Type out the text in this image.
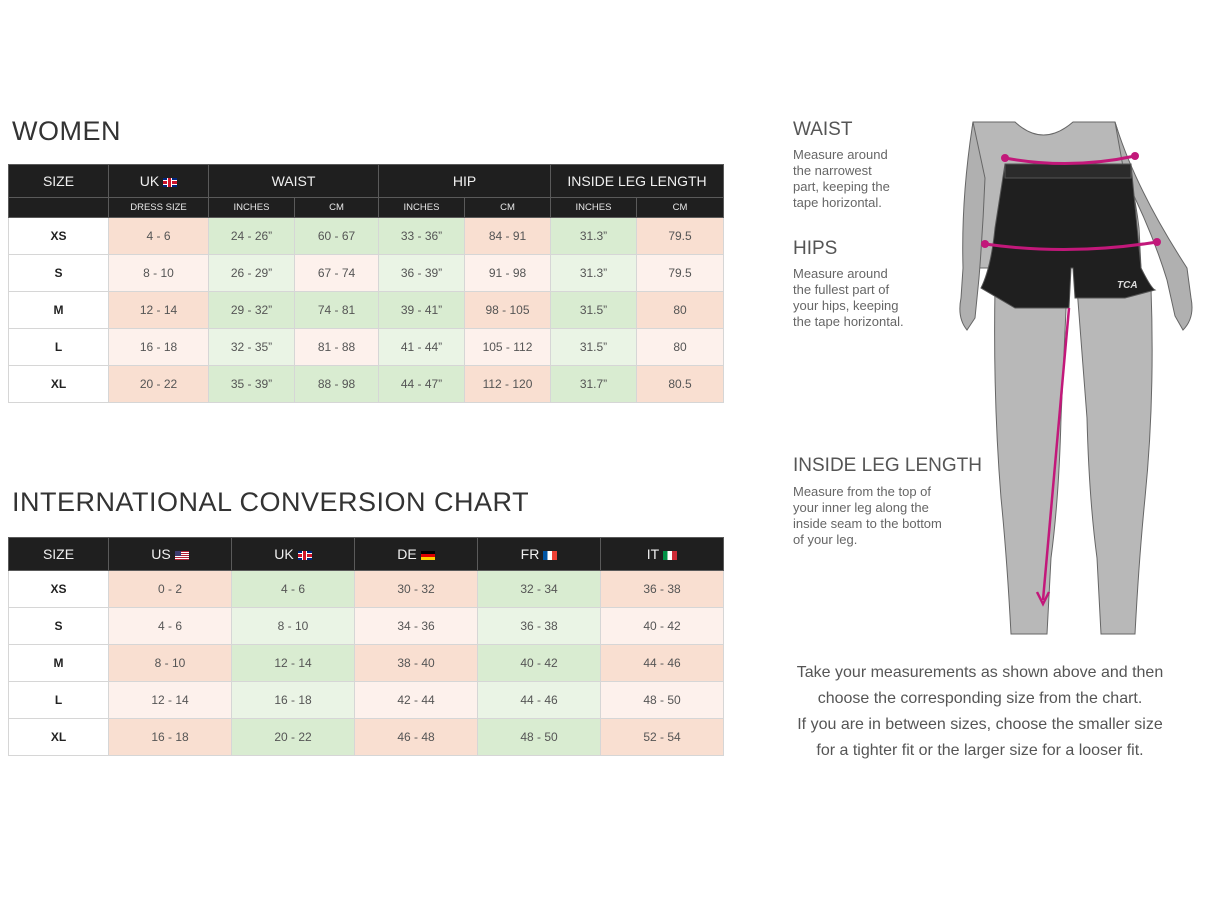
WOMEN
SIZE	UK	WAIST		HIP		INSIDE LEG LENGTH	
	DRESS SIZE	INCHES	CM	INCHES	CM	INCHES	CM
XS	4 - 6	24 - 26”	60 - 67	33 - 36”	84 - 91	31.3”	79.5
S	8 - 10	26 - 29”	67 - 74	36 - 39”	91 - 98	31.3”	79.5
M	12 - 14	29 - 32”	74 - 81	39 - 41”	98 - 105	31.5”	80
L	16 - 18	32 - 35”	81 - 88	41 - 44”	105 - 112	31.5”	80
XL	20 - 22	35 - 39”	88 - 98	44 - 47”	112 - 120	31.7”	80.5
INTERNATIONAL CONVERSION CHART
SIZE	US	UK	DE	FR	IT
XS	0 - 2	4 - 6	30 - 32	32 - 34	36 - 38
S	4 - 6	8 - 10	34 - 36	36 - 38	40 - 42
M	8 - 10	12 - 14	38 - 40	40 - 42	44 - 46
L	12 - 14	16 - 18	42 - 44	44 - 46	48 - 50
XL	16 - 18	20 - 22	46 - 48	48 - 50	52 - 54
WAIST
Measure around
the narrowest
part, keeping the
tape horizontal.
HIPS
Measure around
the fullest part of
your hips, keeping
the tape horizontal.
INSIDE LEG LENGTH
Measure from the top of
your inner leg along the
inside seam to the bottom
of your leg.
TCA
Take your measurements as shown above and then
choose the corresponding size from the chart.
If you are in between sizes, choose the smaller size
for a tighter fit or the larger size for a looser fit.
